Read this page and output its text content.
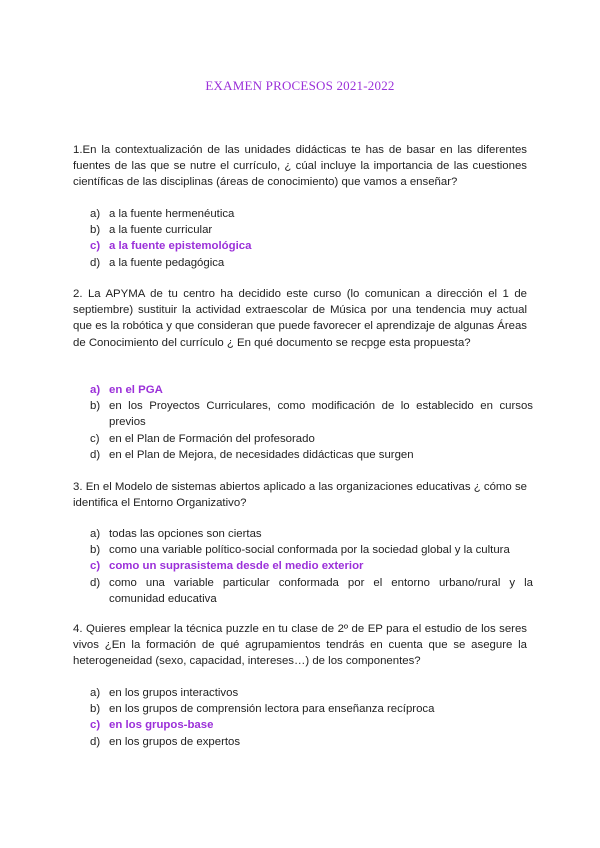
EXAMEN PROCESOS 2021-2022

1.En la contextualización de las unidades didácticas te has de basar en las diferentes fuentes de las que se nutre el currículo, ¿ cúal incluye la importancia de las cuestiones científicas de las disciplinas (áreas de conocimiento) que vamos a enseñar?

a) a la fuente hermenéutica
b) a la fuente curricular
c) a la fuente epistemológica
d) a la fuente pedagógica

2. La APYMA de tu centro ha decidido este curso (lo comunican a dirección el 1 de septiembre) sustituir la actividad extraescolar de Música por una tendencia muy actual que es la robótica y que consideran que puede favorecer el aprendizaje de algunas Áreas de Conocimiento del currículo ¿ En qué documento se recpge esta propuesta?

a) en el PGA
b) en los Proyectos Curriculares, como modificación de lo establecido en cursos previos
c) en el Plan de Formación del profesorado
d) en el Plan de Mejora, de necesidades didácticas que surgen

3. En el Modelo de sistemas abiertos aplicado a las organizaciones educativas ¿ cómo se identifica el Entorno Organizativo?

a) todas las opciones son ciertas
b) como una variable político-social conformada por la sociedad global y la cultura
c) como un suprasistema desde el medio exterior
d) como una variable particular conformada por el entorno urbano/rural y la comunidad educativa

4. Quieres emplear la técnica puzzle en tu clase de 2º de EP para el estudio de los seres vivos ¿En la formación de qué agrupamientos tendrás en cuenta que se asegure la heterogeneidad (sexo, capacidad, intereses…) de los componentes?

a) en los grupos interactivos
b) en los grupos de comprensión lectora para enseñanza recíproca
c) en los grupos-base
d) en los grupos de expertos
